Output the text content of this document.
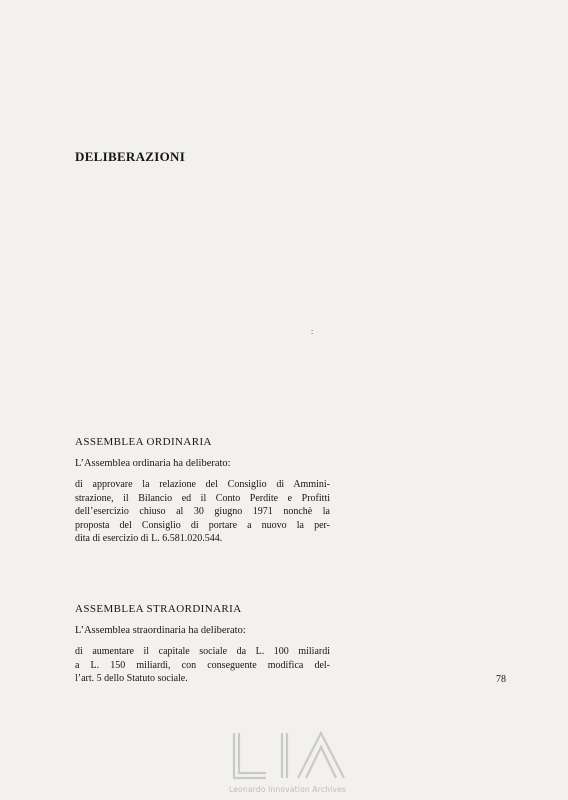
DELIBERAZIONI
:
ASSEMBLEA ORDINARIA
L’Assemblea ordinaria ha deliberato:
di approvare la relazione del Consiglio di Ammini-
strazione, il Bilancio ed il Conto Perdite e Profitti
dell’esercizio chiuso al 30 giugno 1971 nonchè la
proposta del Consiglio di portare a nuovo la per-
dita di esercizio di L. 6.581.020.544.
ASSEMBLEA STRAORDINARIA
L’Assemblea straordinaria ha deliberato:
di aumentare il capitale sociale da L. 100 miliardi
a L. 150 miliardi, con conseguente modifica del-
l’art. 5 dello Statuto sociale.	78
Leonardo Innovation Archives
